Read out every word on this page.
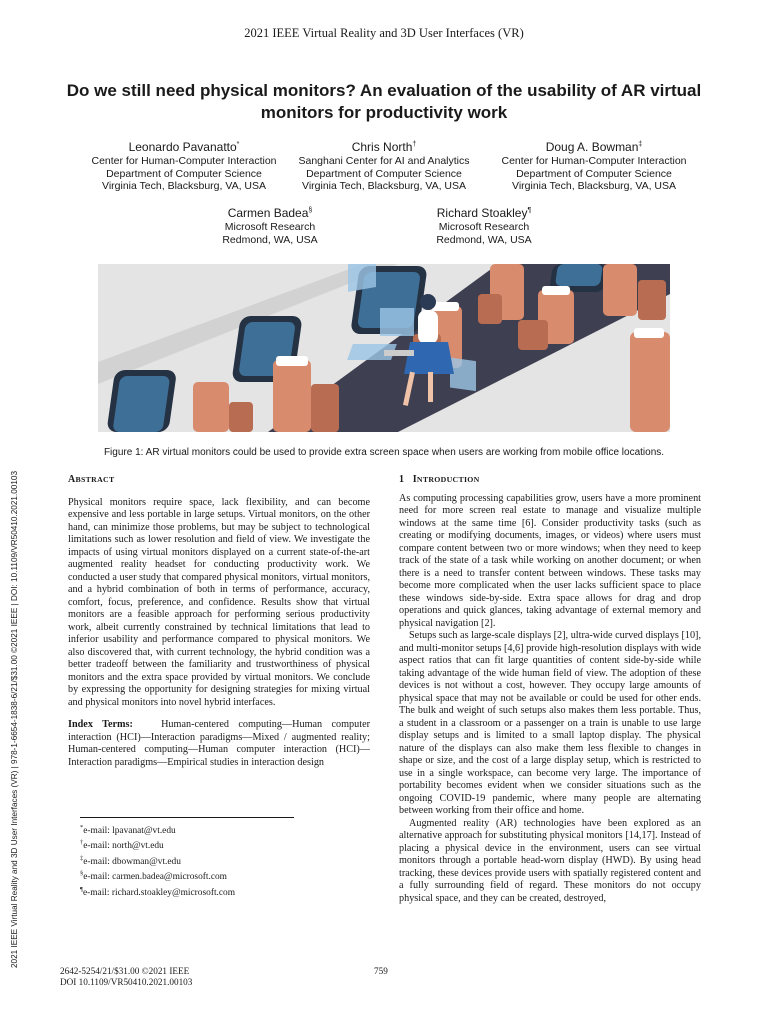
2021 IEEE Virtual Reality and 3D User Interfaces (VR)
Do we still need physical monitors? An evaluation of the usability of AR virtual monitors for productivity work
Leonardo Pavanatto*
Center for Human-Computer Interaction
Department of Computer Science
Virginia Tech, Blacksburg, VA, USA
Chris North†
Sanghani Center for AI and Analytics
Department of Computer Science
Virginia Tech, Blacksburg, VA, USA
Doug A. Bowman‡
Center for Human-Computer Interaction
Department of Computer Science
Virginia Tech, Blacksburg, VA, USA
Carmen Badea§
Microsoft Research
Redmond, WA, USA
Richard Stoakley¶
Microsoft Research
Redmond, WA, USA
2021 IEEE Virtual Reality and 3D User Interfaces (VR) | 978-1-6654-1838-6/21/$31.00 ©2021 IEEE | DOI: 10.1109/VR50410.2021.00103
Figure 1: AR virtual monitors could be used to provide extra screen space when users are working from mobile office locations.
ABSTRACT

Physical monitors require space, lack flexibility, and can become expensive and less portable in large setups. Virtual monitors, on the other hand, can minimize those problems, but may be subject to technological limitations such as lower resolution and field of view. We investigate the impacts of using virtual monitors displayed on a current state-of-the-art augmented reality headset for conducting productivity work. We conducted a user study that compared physical monitors, virtual monitors, and a hybrid combination of both in terms of performance, accuracy, comfort, focus, preference, and confidence. Results show that virtual monitors are a feasible approach for performing serious productivity work, albeit currently constrained by technical limitations that lead to inferior usability and performance compared to physical monitors. We also discovered that, with current technology, the hybrid condition was a better tradeoff between the familiarity and trustworthiness of physical monitors and the extra space provided by virtual monitors. We conclude by expressing the opportunity for designing strategies for mixing virtual and physical monitors into novel hybrid interfaces.

Index Terms:	Human-centered computing—Human computer interaction (HCI)—Interaction paradigms—Mixed / augmented reality; Human-centered computing—Human computer interaction (HCI)—Interaction paradigms—Empirical studies in interaction design

*e-mail: lpavanat@vt.edu
†e-mail: north@vt.edu
‡e-mail: dbowman@vt.edu
§e-mail: carmen.badea@microsoft.com
¶e-mail: richard.stoakley@microsoft.com
1 INTRODUCTION

As computing processing capabilities grow, users have a more prominent need for more screen real estate to manage and visualize multiple windows at the same time [6]. Consider productivity tasks (such as creating or modifying documents, images, or videos) where users must compare content between two or more windows; when they need to keep track of the state of a task while working on another document; or when there is a need to transfer content between windows. These tasks may become more complicated when the user lacks sufficient space to place these windows side-by-side. Extra space allows for drag and drop operations and quick glances, taking advantage of external memory and physical navigation [2].

Setups such as large-scale displays [2], ultra-wide curved displays [10], and multi-monitor setups [4,6] provide high-resolution displays with wide aspect ratios that can fit large quantities of content side-by-side while taking advantage of the wide human field of view. The adoption of these devices is not without a cost, however. They occupy large amounts of physical space that may not be available or could be used for other ends. The bulk and weight of such setups also makes them less portable. Thus, a student in a classroom or a passenger on a train is unable to use large display setups and is limited to a small laptop display. The physical nature of the displays can also make them less flexible to changes in shape or size, and the cost of a large display setup, which is restricted to use in a single workspace, can become very large. The importance of portability becomes evident when we consider situations such as the ongoing COVID-19 pandemic, where many people are alternating between working from their office and home.

Augmented reality (AR) technologies have been explored as an alternative approach for substituting physical monitors [14,17]. Instead of placing a physical device in the environment, users can see virtual monitors through a portable head-worn display (HWD). By using head tracking, these devices provide users with spatially registered content and a fully surrounding field of regard. These monitors do not occupy physical space, and they can be created, destroyed,

2642-5254/21/$31.00 ©2021 IEEE
DOI 10.1109/VR50410.2021.00103
759
